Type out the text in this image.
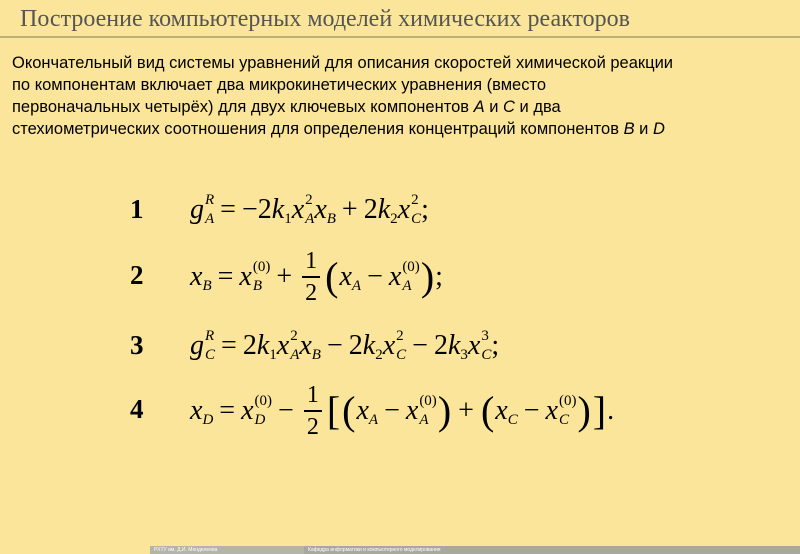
Построение компьютерных моделей химических реакторов
Окончательный вид системы уравнений для описания скоростей химической реакции
по компонентам включает два микрокинетических уравнения (вместо
первоначальных четырёх) для двух ключевых компонентов A и C и два
стехиометрических соотношения для определения концентраций компонентов B и D
1 g R
A = −2 k 1 x 2
A x B + 2 k 2 x 2
C ;
2 x B = x (0)
$B + \frac{1}{2}$ ( x A − x (0)
A ) ;
3 g R
C = 2 k 1 x 2
A x B − 2 k 2 x 2
C − 2 k 3 x 3
C ;
4 x D = x (0)
$D - \frac{1}{2}$ [ ( x A − x (0)
A ) + ( x C − x (0)
C ) ] .
РХТУ им. Д.И. Менделеева	Кафедра информатики и компьютерного моделирования
